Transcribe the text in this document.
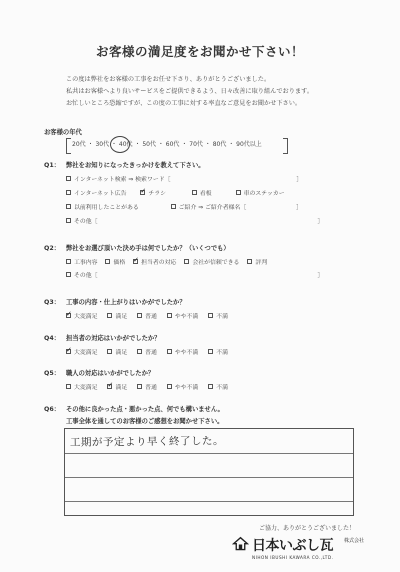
お客様の満足度をお聞かせ下さい！
この度は弊社をお客様の工事をお任せ下さり、ありがとうございました。
私共はお客様へより良いサービスをご提供できるよう、日々改善に取り組んでおります。
お忙しいところ恐縮ですが、この度の工事に対する率直なご意見をお聞かせ下さい。
お客様の年代
20代 ・ 30代 ・ 40代 ・ 50代 ・ 60代 ・ 70代 ・ 80代 ・ 90代以上
Q1： 弊社をお知りになったきっかけを教えて下さい。
インターネット検索 ⇒ 検索ワード［	］
インターネット広告 ✓	チラシ	看板	車のステッカー
以前利用したことがある	ご紹介 ⇒ ご紹介者様名［	］
その他［	］
Q2： 弊社をお選び頂いた決め手は何でしたか？（いくつでも）
工事内容	価格 ✓	担当者の対応	会社が信頼できる	評判
その他［	］
Q3： 工事の内容・仕上がりはいかがでしたか？
✓大変満足	満足	普通	やや不満	不満
Q4： 担当者の対応はいかがでしたか？
✓大変満足	満足	普通	やや不満	不満
Q5： 職人の対応はいかがでしたか？
ご協力、ありがとうございました！
日本いぶし瓦 株式会社
NIHON IBUSHI KAWARA CO.,LTD.
Q6： その他に良かった点・悪かった点、何でも構いません。
工事全体を通してのお客様のご感想をお聞かせ下さい。
工期が予定より早く終了した。
大変満足 ✓	満足	普通	やや不満	不満
